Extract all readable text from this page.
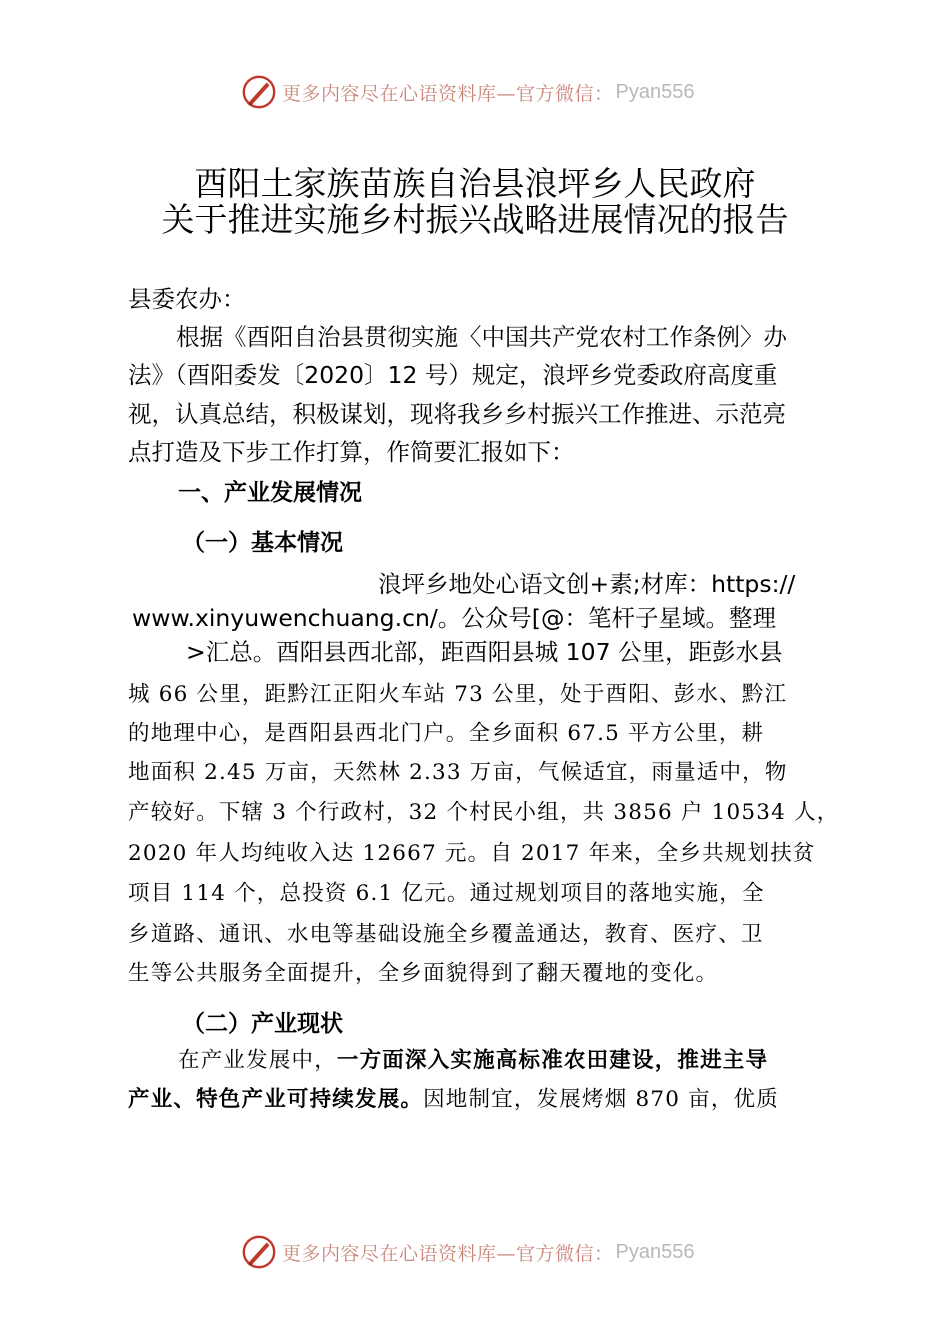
更多内容尽在心语资料库—官方微信： Pyan556
酉阳土家族苗族自治县浪坪乡人民政府
关于推进实施乡村振兴战略进展情况的报告
县委农办：
根据《酉阳自治县贯彻实施〈中国共产党农村工作条例〉办
法》（酉阳委发〔2020〕12 号）规定，浪坪乡党委政府高度重
视，认真总结，积极谋划，现将我乡乡村振兴工作推进、示范亮
点打造及下步工作打算，作简要汇报如下：
一、产业发展情况
（一）基本情况
浪坪乡地处心语文创+素;材库：https://
www.xinyuwenchuang.cn/。公众号[@：笔杆子星域。整理
>汇总。酉阳县西北部，距酉阳县城 107 公里，距彭水县
城 66 公里，距黔江正阳火车站 73 公里，处于酉阳、彭水、黔江
的地理中心，是酉阳县西北门户。全乡面积 67.5 平方公里，耕
地面积 2.45 万亩，天然林 2.33 万亩，气候适宜，雨量适中，物
产较好。下辖 3 个行政村，32 个村民小组，共 3856 户 10534 人，
2020 年人均纯收入达 12667 元。自 2017 年来，全乡共规划扶贫
项目 114 个，总投资 6.1 亿元。通过规划项目的落地实施，全
乡道路、通讯、水电等基础设施全乡覆盖通达，教育、医疗、卫
生等公共服务全面提升，全乡面貌得到了翻天覆地的变化。
（二）产业现状
在产业发展中，一方面深入实施高标准农田建设，推进主导
产业、特色产业可持续发展。因地制宜，发展烤烟 870 亩，优质
更多内容尽在心语资料库—官方微信： Pyan556
